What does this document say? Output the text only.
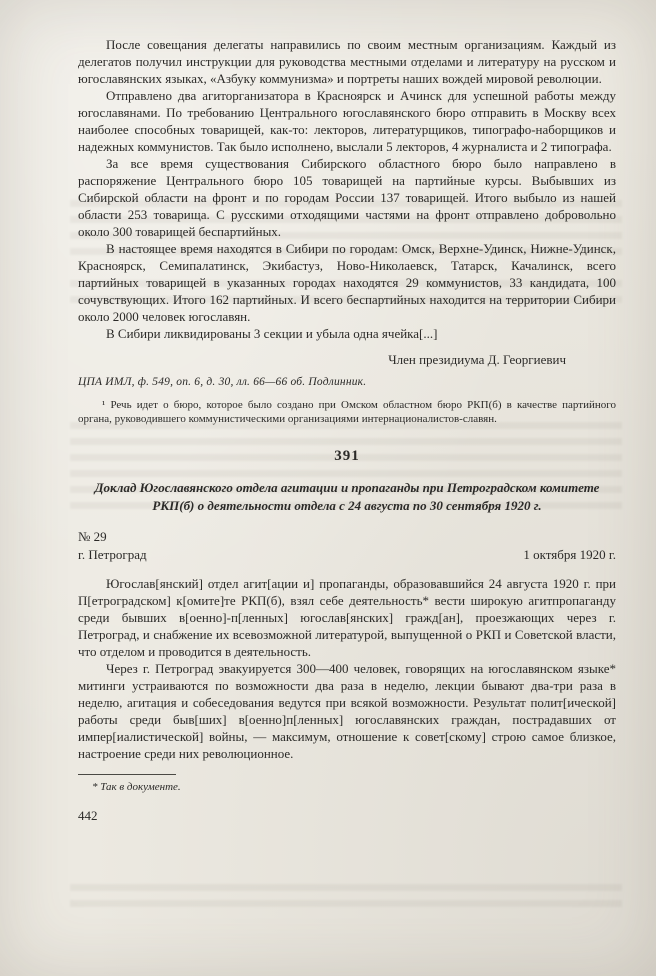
После совещания делегаты направились по своим местным организациям. Каждый из делегатов получил инструкции для руководства местными отделами и литературу на русском и югославянских языках, «Азбуку коммунизма» и портреты наших вождей мировой революции.

Отправлено два агиторганизатора в Красноярск и Ачинск для успешной работы между югославянами. По требованию Центрального югославянского бюро отправить в Москву всех наиболее способных товарищей, как-то: лекторов, литературщиков, типографо-наборщиков и надежных коммунистов. Так было исполнено, выслали 5 лекторов, 4 журналиста и 2 типографа.

За все время существования Сибирского областного бюро было направлено в распоряжение Центрального бюро 105 товарищей на партийные курсы. Выбывших из Сибирской области на фронт и по городам России 137 товарищей. Итого выбыло из нашей области 253 товарища. С русскими отходящими частями на фронт отправлено добровольно около 300 товарищей беспартийных.

В настоящее время находятся в Сибири по городам: Омск, Верхне-Удинск, Нижне-Удинск, Красноярск, Семипалатинск, Экибастуз, Ново-Николаевск, Татарск, Качалинск, всего партийных товарищей в указанных городах находятся 29 коммунистов, 33 кандидата, 100 сочувствующих. Итого 162 партийных. И всего беспартийных находится на территории Сибири около 2000 человек югославян.

В Сибири ликвидированы 3 секции и убыла одна ячейка[...]

Член президиума Д. Георгиевич

ЦПА ИМЛ, ф. 549, оп. 6, д. 30, лл. 66—66 об. Подлинник.

¹ Речь идет о бюро, которое было создано при Омском областном бюро РКП(б) в качестве партийного органа, руководившего коммунистическими организациями интернационалистов-славян.

391
Доклад Югославянского отдела агитации и пропаганды при Петроградском комитете РКП(б) о деятельности отдела с 24 августа по 30 сентября 1920 г.
№ 29
г. Петроград	1 октября 1920 г.

Югослав[янский] отдел агит[ации и] пропаганды, образовавшийся 24 августа 1920 г. при П[етроградском] к[омите]те РКП(б), взял себе деятельность* вести широкую агитпропаганду среди бывших в[оенно]-п[ленных] югослав[янских] гражд[ан], проезжающих через г. Петроград, и снабжение их всевозможной литературой, выпущенной о РКП и Советской власти, что отделом и проводится в деятельность.

Через г. Петроград эвакуируется 300—400 человек, говорящих на югославянском языке* митинги устраиваются по возможности два раза в неделю, лекции бывают два-три раза в неделю, агитация и собеседования ведутся при всякой возможности. Результат полит[ической] работы среди быв[ших] в[оенно]п[ленных] югославянских граждан, пострадавших от импер[иалистической] войны, — максимум, отношение к совет[скому] строю самое близкое, настроение среди них революционное.

* Так в документе.

442
